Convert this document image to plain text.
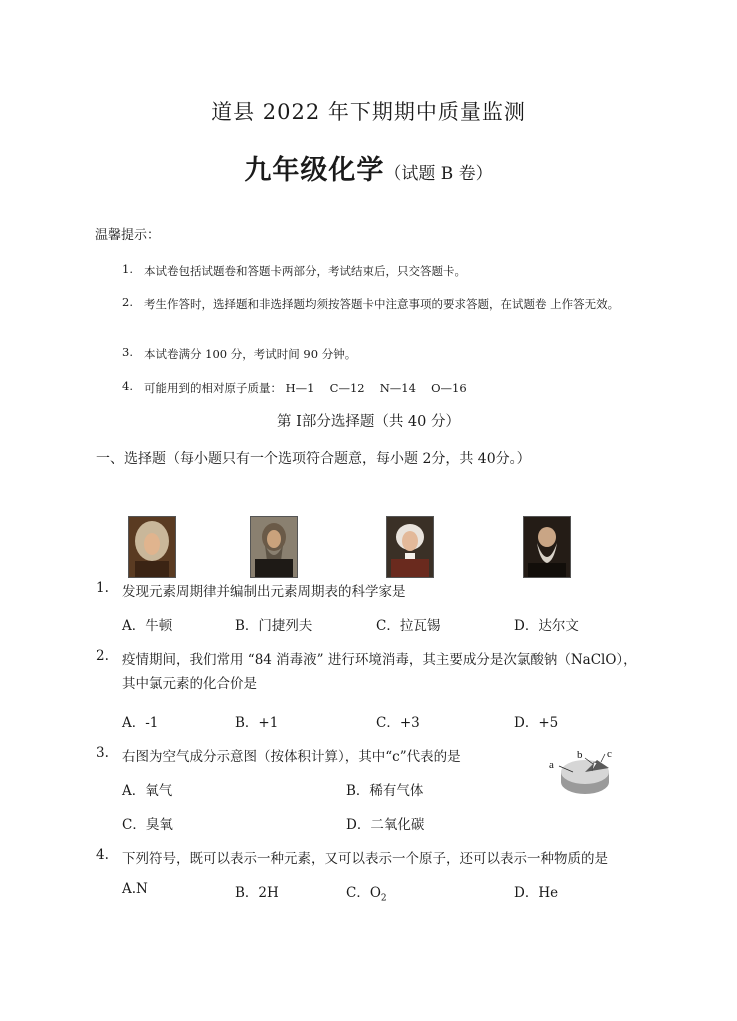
道县 2022 年下期期中质量监测
九年级化学（试题 B 卷）
温馨提示：
1. 本试卷包括试题卷和答题卡两部分，考试结束后，只交答题卡。
2. 考生作答时，选择题和非选择题均须按答题卡中注意事项的要求答题，在试题卷 上作答无效。
3. 本试卷满分 100 分，考试时间 90 分钟。
4. 可能用到的相对原子质量： H—1　 C—12　 N—14　 O—16
第 Ⅰ部分选择题（共 40 分）
一、选择题（每小题只有一个选项符合题意，每小题 2分，共 40分。）
1. 发现元素周期律并编制出元素周期表的科学家是
A．牛顿	B．门捷列夫	C．拉瓦锡	D．达尔文
2. 疫情期间，我们常用 “84 消毒液” 进行环境消毒，其主要成分是次氯酸钠（NaClO），
其中氯元素的化合价是
A．-1	B．+1	C．+3	D．+5
3. 右图为空气成分示意图（按体积计算），其中“c”代表的是
A．氧气	B．稀有气体
C．臭氧	D．二氧化碳
a
b c
4. 下列符号，既可以表示一种元素，又可以表示一个原子，还可以表示一种物质的是
A.N	B．2H	C．$O_2$	D．He
